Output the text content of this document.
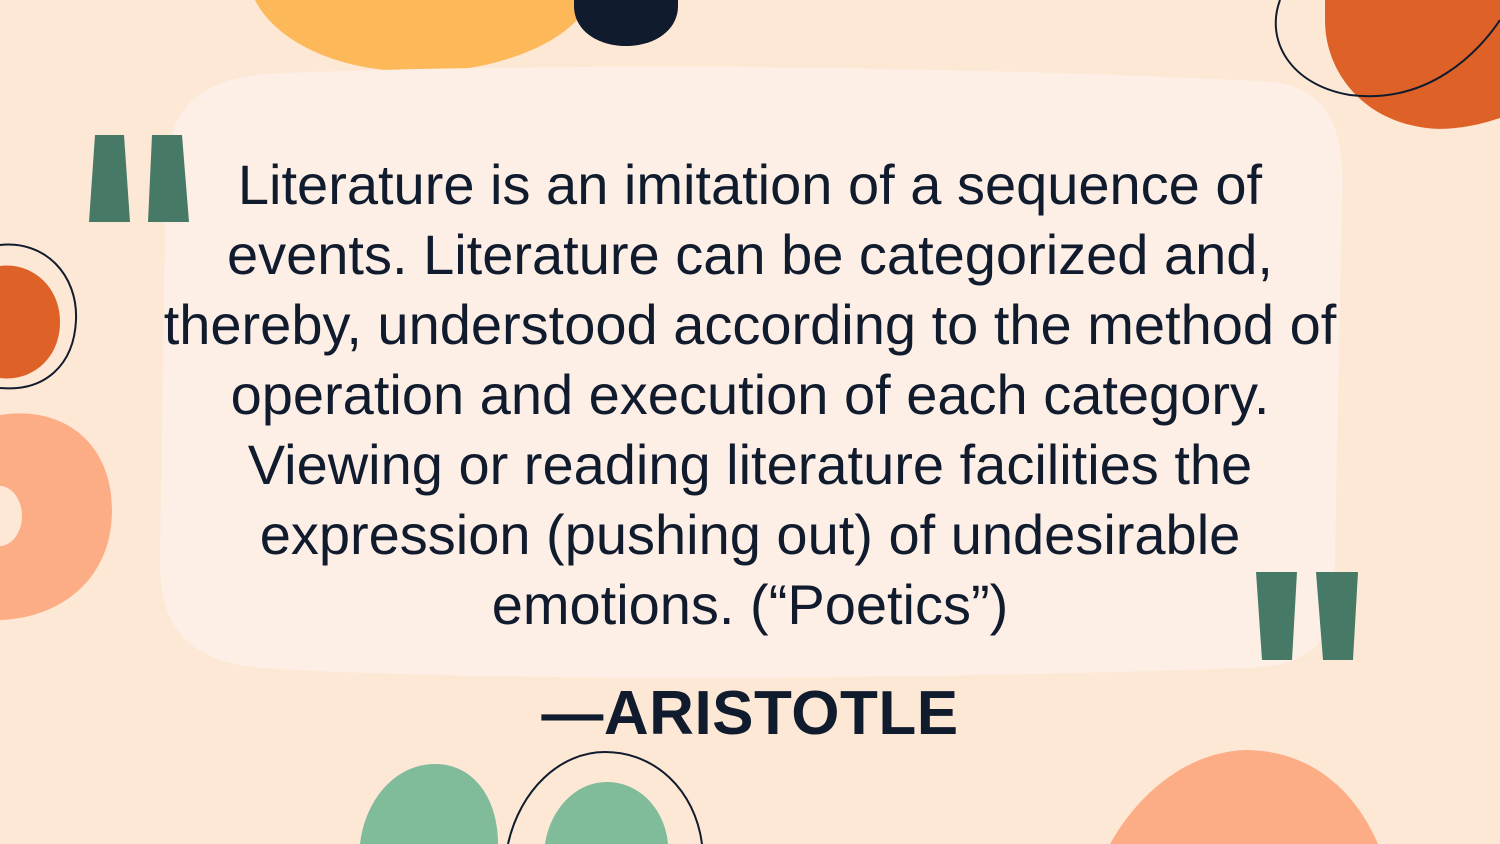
Literature is an imitation of a sequence of events. Literature can be categorized and, thereby, understood according to the method of operation and execution of each category. Viewing or reading literature facilities the expression (pushing out) of undesirable emotions. (“Poetics”)

—ARISTOTLE
